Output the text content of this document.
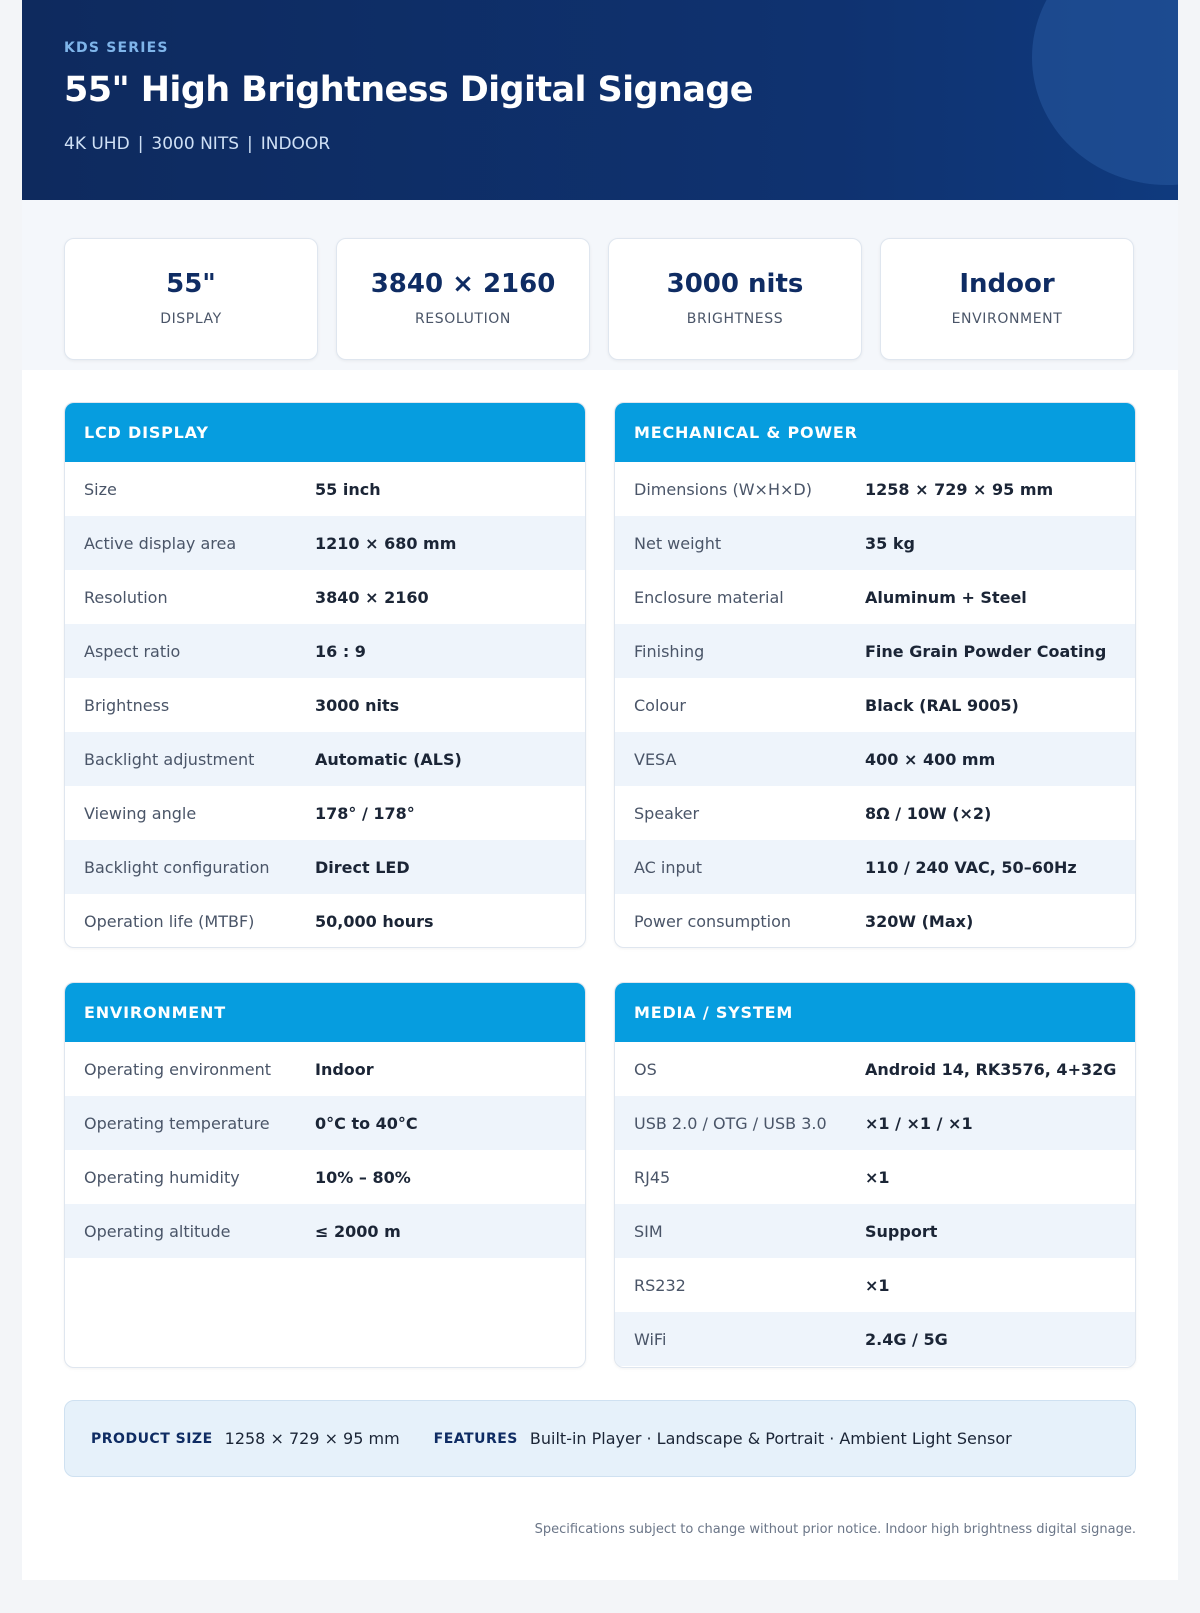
KDS SERIES
55" High Brightness Digital Signage
4K UHD | 3000 NITS | INDOOR
55"
DISPLAY
3840 × 2160
RESOLUTION
3000 nits
BRIGHTNESS
Indoor
ENVIRONMENT
LCD DISPLAY
Size	55 inch
Active display area	1210 × 680 mm
Resolution	3840 × 2160
Aspect ratio	16 : 9
Brightness	3000 nits
Backlight adjustment	Automatic (ALS)
Viewing angle	178° / 178°
Backlight configuration	Direct LED
Operation life (MTBF)	50,000 hours
MECHANICAL & POWER
Dimensions (W×H×D)	1258 × 729 × 95 mm
Net weight	35 kg
Enclosure material	Aluminum + Steel
Finishing	Fine Grain Powder Coating
Colour	Black (RAL 9005)
VESA	400 × 400 mm
Speaker	8Ω / 10W (×2)
AC input	110 / 240 VAC, 50–60Hz
Power consumption	320W (Max)
ENVIRONMENT
Operating environment	Indoor
Operating temperature	0°C to 40°C
Operating humidity	10% – 80%
Operating altitude	≤ 2000 m
MEDIA / SYSTEM
OS	Android 14, RK3576, 4+32G
USB 2.0 / OTG / USB 3.0	×1 / ×1 / ×1
RJ45	×1
SIM	Support
RS232	×1
WiFi	2.4G / 5G
PRODUCT SIZE 1258 × 729 × 95 mm FEATURES Built-in Player · Landscape & Portrait · Ambient Light Sensor
Specifications subject to change without prior notice. Indoor high brightness digital signage.
